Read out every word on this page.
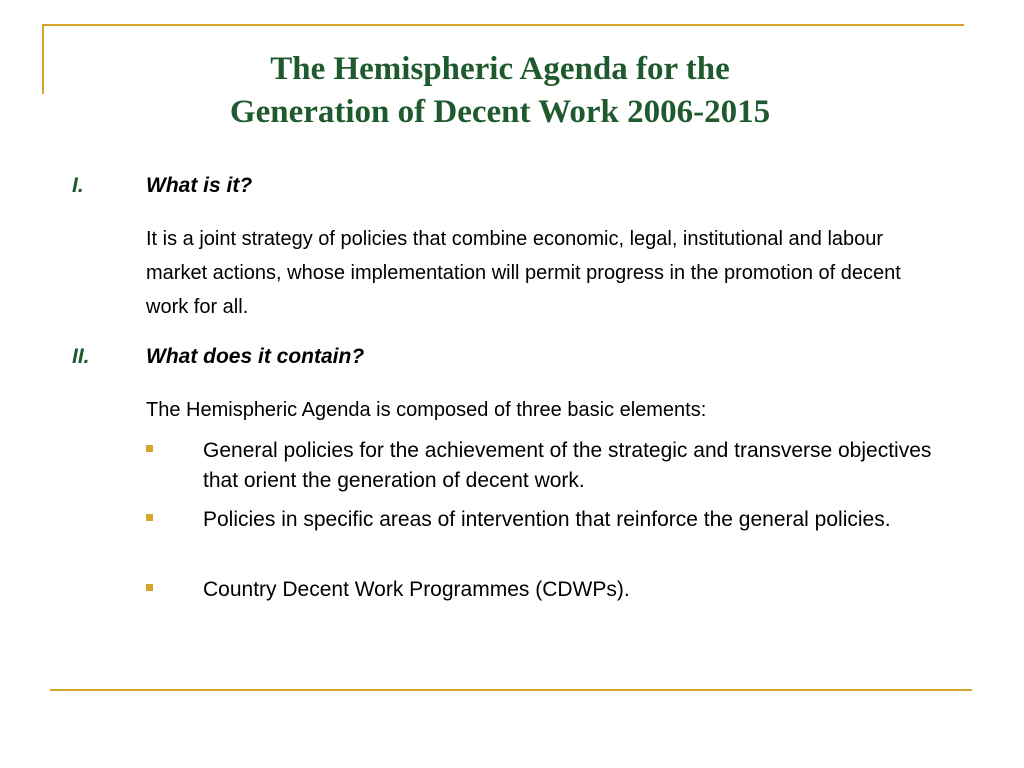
The Hemispheric Agenda for the
Generation of Decent Work 2006-2015
I.	What is it?
It is a joint strategy of policies that combine economic, legal, institutional and labour market actions, whose implementation will permit progress in the promotion of decent work for all.
II.	What does it contain?
The Hemispheric Agenda is composed of three basic elements:
General policies for the achievement of the strategic and transverse objectives that orient the generation of decent work.
Policies in specific areas of intervention that reinforce the general policies.
Country Decent Work Programmes (CDWPs).
